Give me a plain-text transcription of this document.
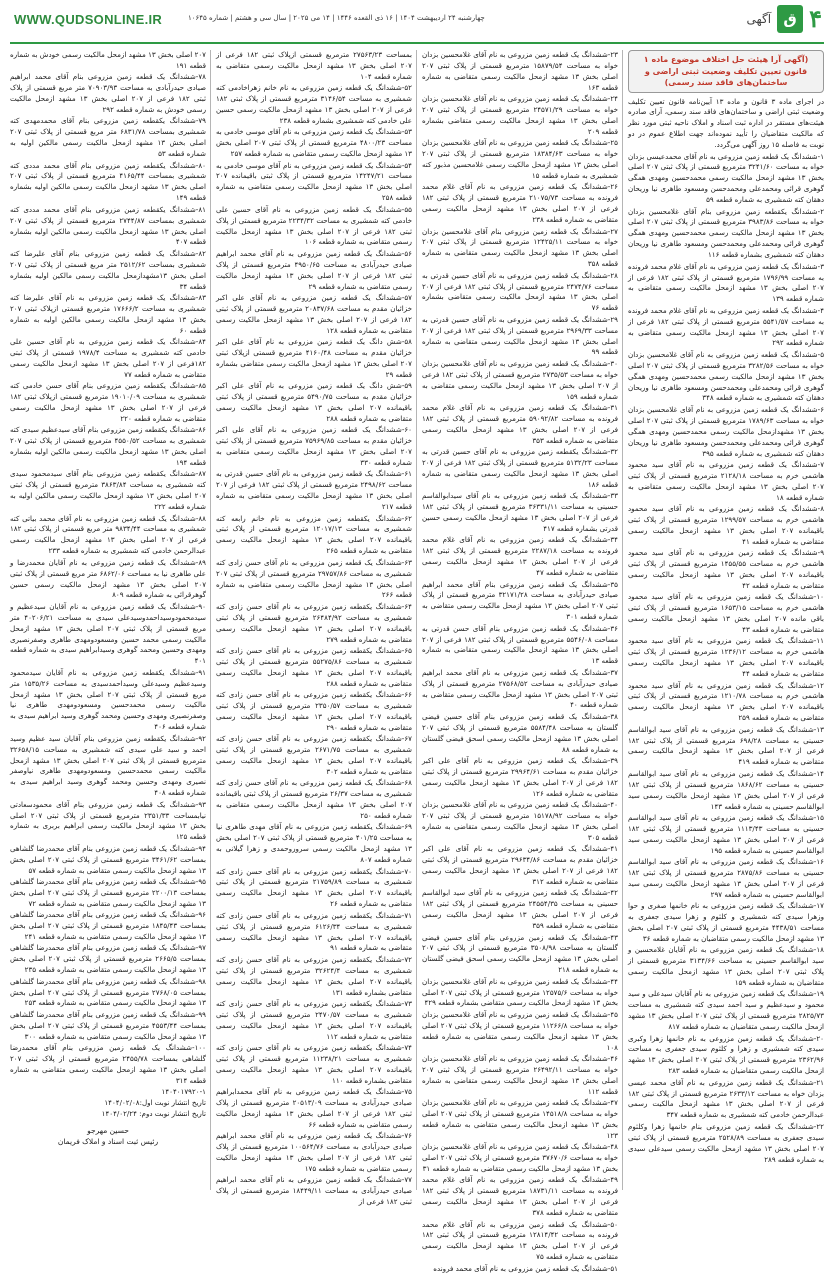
WWW.QUDSONLINE.IR	چهارشنبه ۲۴ اردیبهشت ۱۴۰۴ | ۱۶ ذی القعده ۱۴۴۶ | ۱۴ می ۲۰۲۵ | سال سی و هشتم | شماره ۱۰۶۴۵	آگهی ق ۴
(آگهی آرا هیئت حل اختلاف موضوع ماده ۱ قانون تعیین تکلیف وضعیت ثبتی اراضی و ساختمان‌های فاقد سند رسمی)

در اجرای ماده ۳ قانون و ماده ۱۳ آیین‌نامه قانون تعیین تکلیف وضعیت ثبتی اراضی و ساختمان‌های فاقد سند رسمی، آرای صادره هیئت‌های مستقر در اداره ثبت اسناد و املاک ناحیه ثبتی مورد نظر که مالکیت متقاضیان را تأیید نموده‌اند جهت اطلاع عموم در دو نوبت به فاصله ۱۵ روز آگهی می‌گردد.

۱-ششدانگ یک قطعه زمین مزروعی به نام آقای محمدعیسی بزدان خواه به مساحت ۳۲۴۱/۶۰ مترمربع قسمتی از پلاک ثبتی ۲۰۷ اصلی بخش ۱۳ مشهد ازمحل مالکیت رسمی محمدحسین ومهدی همگی گوهری قرائی ومحمدعلی ومحمدحسن ومسعود طاهری نیا وریحان دهقان کته شمشیری به شماره قطعه ۵۹

۲-ششدانگ یکقطعه زمین مزروعی بنام آقای غلامحسین بزدان خواه به مساحت ۳۹۸۳/۸۶ مترمربع قسمتی از پلاک ثبتی ۲۰۷ اصلی بخش ۱۳ مشهد ازمحل مالکیت رسمی محمدحسین ومهدی همگی گوهری قرائی ومحمدعلی ومحمدحسن ومسعود طاهری نیا وریحان دهقان کته شمشیری بشماره قطعه ۱۱۶

۳-ششدانگ یک قطعه زمین مزروعی به نام آقای غلام محمد فرونده به مساحت ۱۷۹۶/۹۹ مترمربع قسمتی از پلاک ثبتی ۱۸۲ فرعی از ۲۰۷ اصلی بخش ۱۳ مشهد ازمحل مالکیت رسمی متقاضی به شماره قطعه ۱۳۹

۴-ششدانگ یک قطعه زمین مزروعی به نام آقای غلام محمد فرونده به مساحت ۵۵۴۱/۵۷ مترمربع قسمتی از پلاک ثبتی ۱۸۲ فرعی از ۲۰۷ اصلی بخش ۱۳ مشهد ازمحل مالکیت رسمی متقاضی به شماره قطعه ۲۹۲

۵-ششدانگ یک قطعه زمین مزروعی به نام آقای غلامحسین بزدان خواه به مساحت ۳۲۸۲/۵۶ مترمربع قسمتی از پلاک ثبتی ۲۰۷ اصلی بخش ۱۳ مشهد ازمحل مالکیت رسمی محمدحسین ومهدی همگی گوهری قرائی ومحمدعلی ومحمدحسن ومسعود طاهری نیا وریحان دهقان کته شمشیری به شماره قطعه ۳۴۸

۶-ششدانگ یک قطعه زمین مزروعی به نام آقای غلامحسین بزدان خواه به مساحت ۱۷۸۹/۶۳ مترمربع قسمتی از پلاک ثبتی ۲۰۷ اصلی بخش ۱۳ مشهدازمحل مالکیت رسمی محمدحسین ومهدی همگی گوهری قرائی ومحمدعلی ومحمدحسن ومسعود طاهری نیا وریحان دهقان کته شمشیری به شماره قطعه ۳۹۵

۷-ششدانگ یک قطعه زمین مزروعی به نام آقای سید محمود هاشمی خرم به مساحت ۲۱۲۸/۱۸ مترمربع قسمتی از پلاک ثبتی ۲۰۷ اصلی بخش ۱۳ مشهد ازمحل مالکیت رسمی متقاضی به شماره قطعه ۱۸

۸-ششدانگ یک قطعه زمین مزروعی به نام آقای سید محمود هاشمی خرم به مساحت ۱۲۹۹/۵۷ مترمربع قسمتی از پلاک ثبتی باقیمانده ۲۰۷ اصلی بخش ۱۳ مشهد ازمحل مالکیت رسمی متقاضی به شماره قطعه ۴۱

۹-ششدانگ یک قطعه زمین مزروعی به نام آقای سید محمود هاشمی خرم به مساحت ۱۴۵۵/۵۵ مترمربع قسمتی از پلاک ثبتی باقیمانده ۲۰۷ اصلی بخش ۱۳ مشهد ازمحل مالکیت رسمی متقاضی به شماره قطعه ۴۲

۱۰-ششدانگ یک قطعه زمین مزروعی به نام آقای سید محمود هاشمی خرم به مساحت ۱۶۵۳/۱۵ مترمربع قسمتی از پلاک ثبتی باقی مانده ۲۰۷ اصلی بخش ۱۳ مشهد ازمحل مالکیت رسمی متقاضی به شماره قطعه ۴۳

۱۱-ششدانگ یک قطعه زمین مزروعی به نام آقای سید محمود هاشمی خرم به مساحت ۱۲۳۶/۱۲ مترمربع قسمتی از پلاک ثبتی باقیمانده ۲۰۷ اصلی بخش ۱۳ مشهد ازمحل مالکیت رسمی متقاضی به شماره قطعه ۴۴

۱۲-ششدانگ یک قطعه زمین مزروعی به نام آقای سید محمود هاشمی خرم به مساحت ۱۲۱۰/۷۸ مترمربع قسمتی از پلاک ثبتی باقیمانده ۲۰۷ اصلی بخش ۱۳ مشهد ازمحل مالکیت رسمی متقاضی به شماره قطعه ۲۵۹

۱۳-ششدانگ یک قطعه زمین مزروعی به نام آقای سید ابوالقاسم حسینی به مساحت ۶۹۸/۲۸ مترمربع قسمتی از پلاک ثبتی ۱۸۲ فرعی از ۲۰۷ اصلی بخش ۱۳ مشهد ازمحل مالکیت رسمی متقاضی به شماره قطعه ۴۱۹

۱۴-ششدانگ یک قطعه زمین مزروعی به نام آقای سید ابوالقاسم حسینی به مساحت ۱۸۶۸/۶۲ مترمربع قسمتی از پلاک ثبتی ۱۸۲ فرعی از ۲۰۷ اصلی بخش ۱۳ مشهد ازمحل مالکیت رسمی سید ابوالقاسم حسینی به شماره قطعه ۱۴۳

۱۵-ششدانگ یک قطعه زمین مزروعی به نام آقای سید ابوالقاسم حسینی به مساحت ۱۱۱۳/۴۳ مترمربع قسمتی از پلاک ثبتی ۱۸۲ فرعی از ۲۰۷ اصلی بخش ۱۳ مشهد ازمحل مالکیت رسمی سید ابوالقاسم حسینی به شماره قطعه ۱۹۵

۱۶-ششدانگ یک قطعه زمین مزروعی به نام آقای سید ابوالقاسم حسینی به مساحت ۲۸۷۵/۸۶ مترمربع قسمتی از پلاک ثبتی ۱۸۲ فرعی از ۲۰۷ اصلی بخش ۱۳ مشهد ازمحل مالکیت رسمی سید ابوالقاسم حسینی به شماره قطعه ۲۹۷

۱۷-ششدانگ یک قطعه زمین مزروعی به نام خانمها صغری و حوا وزهرا سیدی کته شمشیری و کلثوم و زهرا سیدی جعفری به مساحت ۴۴۳۸/۵۱ مترمربع قسمتی از پلاک ثبتی ۲۰۷ اصلی بخش ۱۳ مشهد ازمحل مالکیت رسمی متقاضیان به شماره قطعه ۳۶

۱۸-ششدانگ یک قطعه زمین مزروعی به نام آقایان غلامحسین و سید ابوالقاسم حسینی به مساحت ۳۱۳۴/۶۶ مترمربع قسمتی از پلاک ثبتی ۲۰۷ اصلی بخش ۱۳ مشهد ازمحل مالکیت رسمی متقاضیان به شماره قطعه ۱۵۹

۱۹-ششدانگ یک قطعه زمین مزروعی به نام آقایان سیدعلی و سید محمود و سیدعظیم و سید احمد سیدی کته شمشیری به مساحت ۲۸۲۵/۷۳ مترمربع قسمتی از پلاک ثبتی ۲۰۷ اصلی بخش ۱۳ مشهد ازمحل مالکیت رسمی متقاضیان به شماره قطعه ۸۱۷

۲۰-ششدانگ یک قطعه زمین مزروعی به نام خانمها زهرا وکبری سیدی کته شمشیری و زهرا و کلثوم سیدی جعفری به مساحت ۲۳۶۲/۹۶ مترمربع قسمتی از پلاک ثبتی ۲۰۷ اصلی بخش ۱۳ مشهد ازمحل مالکیت رسمی متقاضیان به شماره قطعه ۲۸۳

۲۱-ششدانگ یک قطعه زمین مزروعی به نام آقای محمد عیسی بزدان خواه به مساحت ۲۶۳۳/۱۲ مترمربع قسمتی از پلاک ثبتی ۱۸۲ فرعی از ۲۰۷ اصلی بخش ۱۳ مشهد ازمحل مالکیت رسمی عبدالرحمن خادمی کته شمشیری به شماره قطعه ۳۴۷

۲۲-ششدانگ یک قطعه زمین مزروعی بنام خانمها زهرا وکلثوم سیدی جعفری به مساحت ۲۵۲۸/۸۹ مترمربع قسمتی از پلاک ثبتی ۲۰۷ اصلی بخش ۱۳ مشهد ازمحل مالکیت رسمی سیدعلی سیدی به شماره قطعه ۲۸۹

۲۳-ششدانگ یک قطعه زمین مزروعی به نام آقای غلامحسین بزدان خواه به مساحت ۱۵۸۷۹/۵۴ مترمربع قسمتی از پلاک ثبتی ۲۰۷ اصلی بخش ۱۳ مشهد ازمحل مالکیت رسمی متقاضی به شماره قطعه ۱۶۳

۲۴-ششدانگ یک قطعه زمین مزروعی به نام آقای غلامحسین بزدان خواه به مساحت ۲۴۵۷۱/۲۹ مترمربع قسمتی از پلاک ثبتی ۲۰۷ اصلی بخش ۱۳ مشهد ازمحل مالکیت رسمی متقاضی بشماره قطعه ۲۰۹

۲۵-ششدانگ یک قطعه زمین مزروعی به نام آقای غلامحسین بزدان خواه به مساحت ۱۸۳۸۴/۶۳ مترمربع قسمتی از پلاک ثبتی ۲۰۷ اصلی بخش ۱۳ مشهد ازمحل مالکیت رسمی غلامحسین مذبور کته شمشیری به شماره قطعه ۱۵

۲۶-ششدانگ یک قطعه زمین مزروعی به نام آقای غلام محمد فرونده به مساحت ۲۱۰۷۵/۷۳ مترمربع قسمتی از پلاک ثبتی ۱۸۲ فرعی از ۲۰۷ اصلی بخش ۱۳ مشهد ازمحل مالکیت رسمی متقاضی به شماره قطعه ۲۳۸

۲۷-ششدانگ یک قطعه زمین مزروعی بنام آقای غلامحسین بزدان خواه به مساحت ۱۲۴۲۵/۱۱ مترمربع قسمتی از پلاک ثبتی ۲۰۷ اصلی بخش ۱۳ مشهد ازمحل مالکیت رسمی متقاضی به شماره قطعه ۳۵۸

۲۸-ششدانگ یک قطعه زمین مزروعی به نام آقای حسین قدرتی به مساحت ۲۴۷۴/۷۶ مترمربع قسمتی از پلاک ثبتی ۱۸۲ فرعی از ۲۰۷ اصلی بخش ۱۳ مشهد ازمحل مالکیت رسمی متقاضی بشماره قطعه ۷۶

۲۹-ششدانگ یک قطعه زمین مزروعی به نام آقای حسین قدرتی به مساحت ۲۹۶۹/۳۳ مترمربع قسمتی از پلاک ثبتی ۱۸۲ فرعی از ۲۰۷ اصلی بخش ۱۳ مشهد ازمحل مالکیت رسمی متقاضی به شماره قطعه ۹۹

۳۰-ششدانگ یک قطعه زمین مزروعی به نام آقای غلامحسین بزدان خواه به مساحت ۲۷۳۵/۵۳ مترمربع قسمتی از پلاک ثبتی ۱۸۲ فرعی از ۲۰۷ اصلی بخش ۱۳ مشهد ازمحل مالکیت رسمی متقاضی به شماره قطعه ۱۵۹

۳۱-ششدانگ یک قطعه زمین مزروعی به نام آقای غلام محمد فرونده به مساحت ۵۹۰۹۲/۸۲ مترمربع قسمتی از پلاک ثبتی ۱۸۲ فرعی از ۲۰۷ اصلی بخش ۱۳ مشهد ازمحل مالکیت رسمی متقاضی به شماره قطعه ۳۵۳

۳۲-ششدانگ یکقطعه زمین مزروعی به نام آقای حسین قدرتی به مساحت ۵۱۳۲/۲۳ مترمربع قسمتی از پلاک ثبتی ۱۸۲ فرعی از ۲۰۷ اصلی بخش ۱۳ مشهد ازمحل مالکیت رسمی متقاضی به شماره قطعه ۱۸۶

۳۳-ششدانگ یک قطعه زمین مزروعی به نام آقای سیدابوالقاسم حسینی به مساحت ۳۶۳۳۱/۱۱ مترمربع قسمتی از پلاک ثبتی ۱۸۲ فرعی از ۲۰۷ اصلی بخش ۱۳ مشهد ازمحل مالکیت رسمی حسین قدرتی بشماره قطعه ۴۱۷

۳۴-ششدانگ یک قطعه زمین مزروعی به نام آقای غلام محمد فرونده به مساحت ۲۲۸۷/۱۸ مترمربع قسمتی از پلاک ثبتی ۱۸۲ فرعی از ۲۰۷ اصلی بخش ۱۳ مشهد ازمحل مالکیت رسمی متقاضی به شماره قطعه ۴۷

۳۵-ششدانگ یک قطعه زمین مزروعی بنام آقای محمد ابراهیم صیادی حیدرآبادی به مساحت ۳۲۱۷۱/۲۸ مترمربع قسمتی از پلاک ثبتی ۲۰۷ اصلی بخش ۱۳ مشهد ازمحل مالکیت رسمی متقاضی به شماره قطعه ۳۰۱

۳۶-ششدانگ یک قطعه زمین مزروعی بنام آقای حسن قدرتی به مساحت ۵۵۴۶/۰۸ مترمربع قسمتی از پلاک ثبتی ۱۸۲ فرعی از ۲۰۷ اصلی بخش ۱۳ مشهد ازمحل مالکیت رسمی متقاضی به شماره قطعه ۱۳

۳۷-ششدانگ یک قطعه زمین مزروعی به نام آقای محمد ابراهیم صیادی حیدرآبادی به مساحت ۲۷۵۶۸/۵۲ مترمربع قسمتی از پلاک ثبتی ۲۰۷ اصلی بخش ۱۳ مشهد ازمحل مالکیت رسمی متقاضی به شماره قطعه ۴۰

۳۸-ششدانگ یک قطعه زمین مزروعی بنام آقای حسین فیضی گلستان به مساحت ۵۵۸۴/۴۸ مترمربع قسمتی از پلاک ثبتی ۲۰۷ اصلی بخش ۱۳ مشهد ازمحل مالکیت رسمی اسحق فیضی گلستان به شماره قطعه ۸۸

۳۹-ششدانگ یک قطعه زمین مزروعی به نام آقای علی اکبر خزائیان مقدم به مساحت ۲۹۹۶۴/۶۱ مترمربع قسمتی از پلاک ثبتی ۱۸۲ فرعی از ۲۰۷ اصلی بخش ۱۳ مشهد ازمحل مالکیت رسمی متقاضی به شماره قطعه ۱۲۶

۴۰-ششدانگ یک قطعه زمین مزروعی به نام آقای غلامحسین بزدان خواه به مساحت ۱۵۱۷۸/۹۲ مترمربع قسمتی از پلاک ثبتی ۲۰۷ اصلی بخش ۱۳ مشهد ازمحل مالکیت رسمی متقاضی به شماره قطعه ۳۰۵

۴۱-ششدانگ یک قطعه زمین مزروعی به نام آقای علی اکبر خزائیان مقدم به مساحت ۲۹۶۳۴/۸۶ مترمربع قسمتی از پلاک ثبتی ۱۸۲ فرعی از ۲۰۷ اصلی بخش ۱۳ مشهد ازمحل مالکیت رسمی متقاضی به شماره قطعه ۳۱۲

۴۲-ششدانگ یک قطعه زمین مزروعی به نام آقای سید ابوالقاسم حسینی به مساحت ۲۴۵۵۴/۳۵ مترمربع قسمتی از پلاک ثبتی ۱۸۲ فرعی از ۲۰۷ اصلی بخش ۱۳ مشهد ازمحل مالکیت رسمی متقاضی به شماره قطعه ۳۵۹

۴۳-ششدانگ یک قطعه زمین مزروعی بنام آقای حسین فیضی گلستان به مساحت ۳۵۰۸/۹۸ مترمربع قسمتی از پلاک ثبتی ۲۰۷ اصلی بخش ۱۳ مشهد ازمحل مالکیت رسمی اسحق فیضی گلستان به شماره قطعه ۲۱۸

۴۴-ششدانگ یک قطعه زمین مزروعی به نام آقای غلامحسین بزدان خواه به مساحت ۱۲۵۷۵/۶ مترمربع قسمتی از پلاک ثبتی ۲۰۷ اصلی بخش ۱۳ مشهد ازمحل مالکیت رسمی متقاضی بشماره قطعه ۴۲۹

۴۵-ششدانگ یک قطعه زمین مزروعی به نام آقای غلامحسین بزدان خواه به مساحت ۱۱۲۶۶/۸ مترمربع قسمتی از پلاک ثبتی ۲۰۷ اصلی بخش ۱۳ مشهد ازمحل مالکیت رسمی متقاضی به شماره قطعه ۱۰۸

۴۶-ششدانگ یک قطعه زمین مزروعی به نام آقای غلامحسین بزدان خواه به مساحت ۲۶۴۹۲/۱۱ مترمربع قسمتی از پلاک ثبتی ۲۰۷ اصلی بخش ۱۳ مشهد ازمحل مالکیت رسمی متقاضی به شماره قطعه ۱۱۲

۴۷-ششدانگ یک قطعه زمین مزروعی به نام آقای غلامحسین بزدان خواه به مساحت ۱۴۵۱۸/۸ مترمربع قسمتی از پلاک ثبتی ۲۰۷ اصلی بخش ۱۳ مشهد ازمحل مالکیت رسمی متقاضی به شماره قطعه ۱۲۳

۴۸-ششدانگ یک قطعه زمین مزروعی به نام آقای غلامحسین بزدان خواه به مساحت ۳۷۶۷۰/۶ مترمربع قسمتی از پلاک ثبتی ۲۰۷ اصلی بخش ۱۳ مشهد ازمحل مالکیت رسمی متقاضی به شماره قطعه ۳۱

۴۹-ششدانگ یک قطعه زمین مزروعی به نام آقای غلام محمد فرونده به مساحت ۱۸۷۳۱/۱۱ مترمربع قسمتی از پلاک ثبتی ۱۸۲ فرعی از ۲۰۷ اصلی بخش ۱۳ مشهد ازمحل مالکیت رسمی متقاضی به شماره قطعه ۳۷۸

۵۰-ششدانگ یک قطعه زمین مزروعی به نام آقای غلام محمد فرونده به مساحت ۱۲۸۱۴/۴۲ مترمربع قسمتی از پلاک ثبتی ۱۸۲ فرعی از ۲۰۷ اصلی بخش ۱۳ مشهد ازمحل مالکیت رسمی متقاضی به شماره قطعه ۷۵

۵۱-ششدانگ یک قطعه زمین مزروعی به نام آقای محمد فرونده

بمساحت ۲۷۵۶۳/۲۳ مترمربع قسمتی ازپلاک ثبتی ۱۸۲ فرعی از ۲۰۷ اصلی بخش ۱۳ مشهد ازمحل مالکیت رسمی متقاضی به شماره قطعه ۱۰۴

۵۲-ششدانگ یک قطعه زمین مزروعی به نام خانم زهراخادمی کته شمشیری به مساحت ۳۱۴۶/۵۴ مترمربع قسمتی از پلاک ثبتی ۱۸۲ فرعی از ۲۰۷ اصلی بخش ۱۳ مشهد ازمحل مالکیت رسمی حسین علی خادمی کته شمشیری بشماره قطعه ۲۳۸

۵۳-ششدانگ یک قطعه زمین مزروعی به نام آقای موسی خادمی به مساحت ۴۸۰۰/۲۳ مترمربع قسمتی از پلاک ثبتی ۲۰۷ اصلی بخش ۱۳ مشهد ازمحل مالکیت رسمی متقاضی به شماره قطعه ۲۵۷

۵۴-ششدانگ یک قطعه زمین مزروعی به نام آقای موسی خادمی به مساحت ۱۴۲۴۷/۲۱ مترمربع قسمتی از پلاک ثبتی باقیمانده ۲۰۷ اصلی بخش ۱۳ مشهد ازمحل مالکیت رسمی متقاضی به شماره قطعه ۲۵۸

۵۵-ششدانگ یک قطعه زمین مزروعی به نام آقای حسین علی خادمی کته شمشیری به مساحت ۲۲۳۴/۳۲ مترمربع قسمتی از پلاک ثبتی ۱۸۲ فرعی از ۲۰۷ اصلی بخش ۱۳ مشهد ازمحل مالکیت رسمی متقاضی به شماره قطعه ۱۰۶

۵۶-ششدانگ یک قطعه زمین مزروعی به نام آقای محمد ابراهیم صیادی حیدرآبادی به مساحت ۴۹۵۰/۶۵ مترمربع قسمتی از پلاک ثبتی ۱۸۲ فرعی از ۲۰۷ اصلی بخش ۱۳ مشهد ازمحل مالکیت رسمی متقاضی به شماره قطعه ۲۹

۵۷-ششدانگ یک قطعه زمین مزروعی به نام آقای علی اکبر خزائیان مقدم به مساحت ۲۰۸۳۷/۶۸ مترمربع قسمتی از پلاک ثبتی ۱۸۲ فرعی از ۲۰۷ اصلی بخش ۱۳ مشهد ازمحل مالکیت رسمی متقاضی به شماره قطعه ۱۲۸

۵۸-شش دانگ یک قطعه زمین مزروعی به نام آقای علی اکبر خزائیان مقدم به مساحت ۴۱۶۰/۴۸ مترمربع قسمتی ازپلاک ثبتی ۲۰۷ اصلی بخش ۱۳ مشهد ازمحل مالکیت رسمی متقاضی بشماره قطعه ۲۹

۵۹-شش دانگ یک قطعه زمین مزروعی به نام آقای علی اکبر خزائیان مقدم به مساحت ۵۴۹۰/۷۵ مترمربع قسمتی از پلاک ثبتی باقیمانده ۲۰۷ اصلی بخش ۱۳ مشهد ازمحل مالکیت رسمی متقاضی به شماره قطعه ۲۸۸

۶۰-ششدانگ یک قطعه زمین مزروعی به نام آقای علی اکبر خزائیان مقدم به مساحت ۷۵۹۶۹/۸۵ مترمربع قسمتی از پلاک ثبتی ۲۰۷ اصلی بخش ۱۳ مشهد ازمحل مالکیت رسمی متقاضی به شماره قطعه ۳۳۰

۶۱-ششدانگ یک قطعه زمین مزروعی به نام آقای حسین قدرتی به مساحت ۲۴۹۸/۶۲ مترمربع قسمتی از پلاک ثبتی ۱۸۲ فرعی از ۲۰۷ اصلی بخش ۱۳ مشهد ازمحل مالکیت رسمی متقاضی به شماره قطعه ۲۱۷

۶۲-ششدانگ یکقطعه زمین مزروعی به نام خانم رابعه کته شمشیری به مساحت ۱۲۰۱۷/۱۳ مترمربع قسمتی از پلاک ثبتی باقیمانده ۲۰۷ اصلی بخش ۱۳ مشهد ازمحل مالکیت رسمی متقاضی به شماره قطعه ۲۶۵

۶۳-ششدانگ یک قطعه زمین مزروعی به نام آقای حسن زادی کته شمشیری به مساحت ۲۹۷۵۷/۸۶ مترمربع قسمتی از پلاک ثبتی ۲۰۷ اصلی بخش ۱۳ مشهد ازمحل مالکیت رسمی متقاضی به شماره قطعه ۲۶۶

۶۴-ششدانگ یکقطعه زمین مزروعی به نام آقای حسن زادی کته شمشیری به مساحت ۲۶۴۸۴/۹۲ مترمربع قسمتی از پلاک ثبتی باقیمانده ۲۰۷ اصلی بخش ۱۳ مشهد ازمحل مالکیت رسمی متقاضی به شماره قطعه ۲۷۹

۶۵-ششدانگ یکقطعه زمین مزروعی به نام آقای حسن زادی کته شمشیری به مساحت ۵۵۲۷۵/۸۶ مترمربع قسمتی از پلاک ثبتی باقیمانده ۲۰۷ اصلی بخش ۱۳ مشهد ازمحل مالکیت رسمی متقاضی به شماره قطعه ۲۸۸

۶۶-ششدانگ یکقطعه زمین مزروعی به نام آقای حسن زادی کته شمشیری به مساحت ۲۳۵۰/۵۷ مترمربع قسمتی از پلاک ثبتی باقیمانده ۲۰۷ اصلی بخش ۱۳ مشهد ازمحل مالکیت رسمی متقاضی به شماره قطعه ۲۹۰

۶۷-ششدانگ یکقطعه زمین مزروعی به نام آقای حسن زادی کته شمشیری به مساحت ۲۶۷۱/۷۵ مترمربع قسمتی از پلاک ثبتی باقیمانده ۲۰۷ اصلی بخش ۱۳ مشهد ازمحل مالکیت رسمی متقاضی به شماره قطعه ۳۰۲

۶۸-ششدانگ یک قطعه زمین مزروعی به نام آقای حسن زادی کته شمشیری به مساحت ۲۶/۳۷ مترمربع قسمتی از پلاک ثبتی باقیمانده ۲۰۷ اصلی بخش ۱۳ مشهد ازمحل مالکیت رسمی متقاضی به شماره قطعه ۲۵۰

۶۹-ششدانگ یکقطعه زمین مزروعی به نام آقای مهدی طاهری نیا به مساحت ۴۰۱/۲۵ مترمربع قسمتی از پلاک ثبتی ۲۰۷ اصلی بخش ۱۳ مشهد ازمحل مالکیت رسمی سروروحمدی و زهرا گیلانی به شماره قطعه ۸۰۷

۷۰-ششدانگ یکقطعه زمین مزروعی به نام آقای حسن زادی کته شمشیری به مساحت ۲۱۷۵۹/۸۹ مترمربع قسمتی از پلاک ثبتی باقیمانده ۲۰۷ اصلی بخش ۱۳ مشهد ازمحل مالکیت رسمی متقاضی به شماره قطعه ۲۶

۷۱-ششدانگ یکقطعه زمین مزروعی به نام آقای حسن زادی کته شمشیری به مساحت ۶۱۲۶/۳۴ مترمربع قسمتی از پلاک ثبتی باقیمانده ۲۰۷ اصلی بخش ۱۳ مشهد ازمحل مالکیت رسمی متقاضی به شماره قطعه ۹۱

۷۲-ششدانگ یکقطعه زمین مزروعی به نام آقای حسن زادی کته شمشیری به مساحت ۳۲۶۲۴/۴ مترمربع قسمتی از پلاک ثبتی باقیمانده ۲۰۷ اصلی بخش ۱۳ مشهد ازمحل مالکیت رسمی متقاضی بشماره قطعه ۱۳۱

۷۳-ششدانگ یکقطعه زمین مزروعی به نام آقای حسن زادی کته شمشیری به مساحت ۲۴۷۰/۵۷ مترمربع قسمتی از پلاک ثبتی باقیمانده ۲۰۷ اصلی بخش ۱۳ مشهد ازمحل مالکیت رسمی متقاضی به شماره قطعه ۱۱۲

۷۴-ششدانگ یکقطعه زمین مزروعی به نام آقای حسن زادی کته شمشیری به مساحت ۱۱۲۳۸/۲۱ مترمربع قسمتی از پلاک ثبتی باقیمانده ۲۰۷ اصلی بخش ۱۳ مشهد ازمحل مالکیت رسمی متقاضی بشماره قطعه ۱۱۰

۷۵-ششدانگ یک قطعه زمین مزروعی به نام آقای محمدابراهیم صیادی حیدرآبادی به مساحت ۲۰۵۱۳/۰۹ مترمربع قسمتی از پلاک ثبتی ۱۸۲ فرعی از ۲۰۷ اصلی بخش ۱۳ مشهد ازمحل مالکیت رسمی متقاضی به شماره قطعه ۶۶

۷۶-ششدانگ یک قطعه زمین مزروعی به نام آقای محمد ابراهیم صیادی حیدرآبادی به مساحت ۱۰۰۵۶۴/۷۶ مترمربع قسمتی از پلاک ثبتی ۱۸۲ فرعی از ۲۰۷ اصلی بخش ۱۳ مشهد ازمحل مالکیت رسمی متقاضی به شماره قطعه ۱۷۵

۷۷-ششدانگ یک قطعه زمین مزروعی به نام آقای محمد ابراهیم صیادی حیدرآبادی به مساحت ۱۸۴۴۹/۱۱ مترمربع قسمتی از پلاک ثبتی ۱۸۲ فرعی از

۲۰۷ اصلی بخش ۱۳ مشهد ازمحل مالکیت رسمی خودش به شماره قطعه ۱۹۱

۷۸-ششدانگ یک قطعه زمین مزروعی بنام آقای محمد ابراهیم صیادی حیدرآبادی به مساحت ۷۰۹۰۳/۹۳ متر مربع قسمتی از پلاک ثبتی ۱۸۲ فرعی از ۲۰۷ اصلی بخش ۱۳ مشهد ازمحل مالکیت رسمی خودش به شماره قطعه ۲۹۲

۷۹-ششدانگ یکقطعه زمین مزروعی بنام آقای محمدمهدی کته شمشیری بمساحت ۶۸۳۱/۷۸ متر مربع قسمتی از پلاک ثبتی ۲۰۷ اصلی بخش ۱۳ مشهد ازمحل مالکیت رسمی مالکین اولیه به شماره قطعه ۵۳

۸۰-ششدانگ یکقطعه زمین مزروعی بنام آقای محمد مددی کته شمشیری بمساحت ۴۱۶۵/۴۴ مترمربع قسمتی از پلاک ثبتی ۲۰۷ اصلی بخش ۱۳ مشهد ازمحل مالکیت رسمی مالکین اولیه بشماره قطعه ۱۴۹

۸۱-ششدانگ یکقطعه زمین مزروعی بنام آقای محمد مددی کته شمشیری بمساحت ۲۷۴۴/۸۷ مترمربع قسمتی از پلاک ثبتی ۲۰۷ اصلی بخش ۱۳ مشهد ازمحل مالکیت رسمی مالکین اولیه بشماره قطعه ۴۰۷

۸۲-ششدانگ یک قطعه زمین مزروعی بنام آقای علیرضا کته شمشیری بمساحت ۲۵۱۲/۶۲ متر مربع قسمتی از پلاک ثبتی ۲۰۷ اصلی بخش ۱۳مشهدازمحل مالکیت رسمی مالکین اولیه بشماره قطعه ۳۴

۸۳-ششدانگ یک قطعه زمین مزروعی به نام آقای علیرضا کته شمشیری به مساحت ۱۷۶۶۶/۲ مترمربع قسمتی ازپلاک ثبتی ۲۰۷ بخش ۱۳ مشهد ازمحل مالکیت رسمی مالکین اولیه به شماره قطعه ۶۰

۸۴-ششدانگ یک قطعه زمین مزروعی به نام آقای حسین علی خادمی کته شمشیری به مساحت ۱۹۷۸/۴ قسمتی از پلاک ثبتی ۱۸۲فرعی از ۲۰۷ اصلی بخش ۱۳ مشهد ازمحل مالکیت رسمی متقاضی به شماره قطعه ۷۷

۸۵-ششدانگ یکقطعه زمین مزروعی بنام آقای حسن خادمی کته شمشیری به مساحت ۱۹۰۱۰/۰۹ مترمربع قسمتی ازپلاک ثبتی ۱۸۲ فرعی از ۲۰۷ اصلی بخش ۱۳ مشهد ازمحل مالکیت رسمی متقاضی به شماره قطعه ۲۲۰

۸۶-ششدانگ یکقطعه زمین مزروعی بنام آقای سیدعظیم سیدی کته شمشیری به مساحت ۴۵۵۰/۵۲ مترمربع قسمتی از پلاک ثبتی ۲۰۷ اصلی بخش ۱۳ مشهد ازمحل مالکیت رسمی مالکین اولیه بشماره قطعه ۱۹۴

۸۷-ششدانگ یکقطعه زمین مزروعی بنام آقای سیدمحمود سیدی کته شمشیری به مساحت ۳۸۶۳/۸۴ مترمربع قسمتی از پلاک ثبتی ۲۰۷ اصلی بخش ۱۳ مشهد ازمحل مالکیت رسمی مالکین اولیه به شماره قطعه ۲۲۲

۸۸-ششدانگ یک قطعه زمین مزروعی به نام آقای محمد بیاتی کته شمشیری به مساحت ۹۸۳۴/۴۴ متر مربع قسمتی از پلاک ثبتی ۱۸۲ فرعی از ۲۰۷ اصلی بخش ۱۳ مشهد ازمحل مالکیت رسمی عبدالرحمن خادمی کته شمشیری به شماره قطعه ۲۳۳

۸۹-ششدانگ یک قطعه زمین مزروعی به نام آقایان محمدرضا و علی طاهری نیا به مساحت ۶۸۶۲/۰۶ متر مربع قسمتی از پلاک ثبتی ۲۰۷ اصلی بخش ۱۳ مشهد ازمحل مالکیت رسمی حسین گوهرقرائی به شماره قطعه ۸۰۹

۹۰-ششدانگ یک قطعه زمین مزروعی به نام آقایان سیدعظیم و سیدمحمودوسیداحمدوسیدعلی سیدی به مساحت ۴۰۲۰۶/۲۱ متر مربع قسمتی از پلاک ثبتی ۲۰۷ اصلی بخش ۱۳ مشهد ازمحل مالکیت رسمی محمد حسین ومسعودومهدی طاهری وصفرنصیری ومهدی وحسین ومحمد گوهری وسیدابراهیم سیدی به شماره قطعه ۴۰۱

۹۱-ششدانگ یکقطعه زمین مزروعی به نام آقایان سیدمحمود وسیدعظیم وسیدعلی وسیداحمدسیدی به مساحت ۱۵۳۵/۲۶ متر مربع قسمتی از پلاک ثبتی ۲۰۷ اصلی بخش ۱۳ مشهد ازمحل مالکیت رسمی محمدحسین ومسعودومهدی طاهری نیا وصفرنصیری ومهدی وحسین ومحمد گوهری وسید ابراهیم سیدی به شماره قطعه ۴۰۶

۹۲-ششدانگ یکقطعه زمین مزروعی بنام آقایان سید عظیم وسید احمد و سید علی سیدی کته شمشیری به مساحت ۳۲۶۵۸/۱۵ مترمربع قسمتی از پلاک ثبتی ۲۰۷ اصلی بخش ۱۳ مشهد ازمحل مالکیت رسمی محمدحسین ومسعودومهدی طاهری نیاوصفر نصیری ومهدی وحسین ومحمد گوهری وسید ابراهیم سیدی به شماره قطعه ۴۰۸

۹۳-ششدانگ یک قطعه زمین مزروعی بنام آقای محمودسعادتی نیابمساحت ۲۳۵۱/۳۳ مترمربع قسمتی از پلاک ثبتی ۲۰۷ اصلی بخش ۱۳ مشهد ازمحل مالکیت رسمی ابراهیم بربری به شماره قطعه ۱۲۵

۹۴-ششدانگ یک قطعه زمین مزروعی بنام آقای محمدرضا گلشاهی بمساحت ۳۴۶۱/۶۲ مترمربع قسمتی از پلاک ثبتی ۲۰۷ اصلی بخش ۱۳ مشهد ازمحل مالکیت رسمی متقاضی به شماره قطعه ۵۷

۹۵-ششدانگ یک قطعه زمین مزروعی بنام آقای محمدرضا گلشاهی بمساحت ۲۲۰۰/۱۳ مترمربع قسمتی از پلاک ثبتی ۲۰۷ اصلی بخش ۱۳ مشهد ازمحل مالکیت رسمی متقاضی به شماره قطعه ۷۲

۹۶-ششدانگ یک قطعه زمین مزروعی بنام آقای محمدرضا گلشاهی بمساحت ۱۸۴۵/۴۳ مترمربع قسمتی از پلاک ثبتی ۲۰۷ اصلی بخش ۱۳ مشهد ازمحل مالکیت رسمی متقاضی به شماره قطعه ۲۴۱

۹۷-ششدانگ یک قطعه زمین مزروعی بنام آقای محمدرضا گلشاهی بمساحت ۲۶۶۵/۵ مترمربع قسمتی از پلاک ثبتی ۲۰۷ اصلی بخش ۱۳ مشهد ازمحل مالکیت رسمی متقاضی به شماره قطعه ۲۳۵

۹۸-ششدانگ یک قطعه زمین مزروعی بنام آقای محمدرضا گلشاهی بمساحت ۲۷۶۸/۰۵ مترمربع قسمتی از پلاک ثبتی ۲۰۷ اصلی بخش ۱۳ مشهد ازمحل مالکیت رسمی متقاضی به شماره قطعه ۲۵۳

۹۹-ششدانگ یک قطعه زمین مزروعی بنام آقای محمدرضا گلشاهی بمساحت ۴۵۵۳/۴۴ مترمربع قسمتی از پلاک ثبتی ۲۰۷ اصلی بخش ۱۳ مشهد ازمحل مالکیت رسمی متقاضی به شماره قطعه ۳۰۰

۱۰۰-ششدانگ یک قطعه زمین مزروعی بنام آقای محمدرضا گلشاهی بمساحت ۲۴۵۵/۷۸ مترمربع قسمتی از پلاک ثبتی ۲۰۷ اصلی بخش ۱۳ مشهد ازمحل مالکیت رسمی متقاضی به شماره قطعه ۳۱۴

۱۴۰۴۰۱۷۹۲۰-۱

تاریخ انتشار نوبت اول:۱۴۰۴/۰۲/۰۸

تاریخ انتشار نوبت دوم: ۱۴۰۴/۰۲/۲۴

حسین مهرجو
رئیس ثبت اسناد و املاک فریمان
